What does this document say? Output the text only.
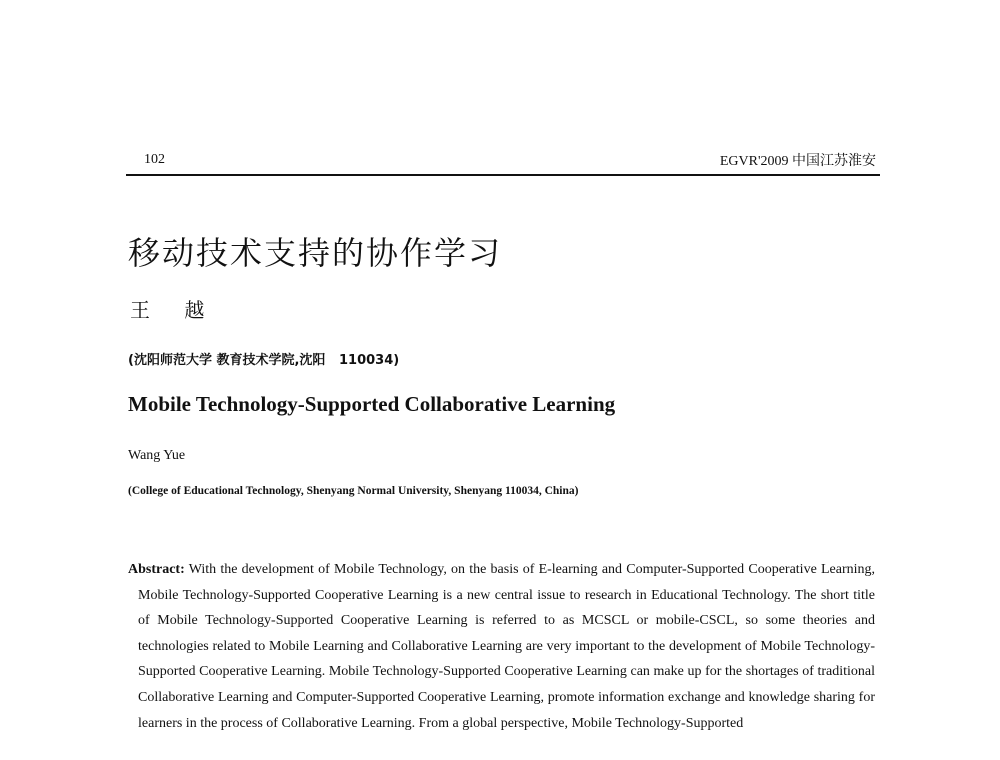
102	EGVR'2009 中国江苏淮安
移动技术支持的协作学习
王 越
(沈阳师范大学 教育技术学院,沈阳   110034)
Mobile Technology-Supported Collaborative Learning
Wang Yue
(College of Educational Technology, Shenyang Normal University, Shenyang 110034, China)

Abstract: With the development of Mobile Technology, on the basis of E-learning and Computer-Supported Cooperative Learning, Mobile Technology-Supported Cooperative Learning is a new central issue to research in Educational Technology. The short title of Mobile Technology-Supported Cooperative Learning is referred to as MCSCL or mobile-CSCL, so some theories and technologies related to Mobile Learning and Collaborative Learning are very important to the development of Mobile Technology-Supported Cooperative Learning. Mobile Technology-Supported Cooperative Learning can make up for the shortages of traditional Collaborative Learning and Computer-Supported Cooperative Learning, promote information exchange and knowledge sharing for learners in the process of Collaborative Learning. From a global perspective, Mobile Technology-Supported
